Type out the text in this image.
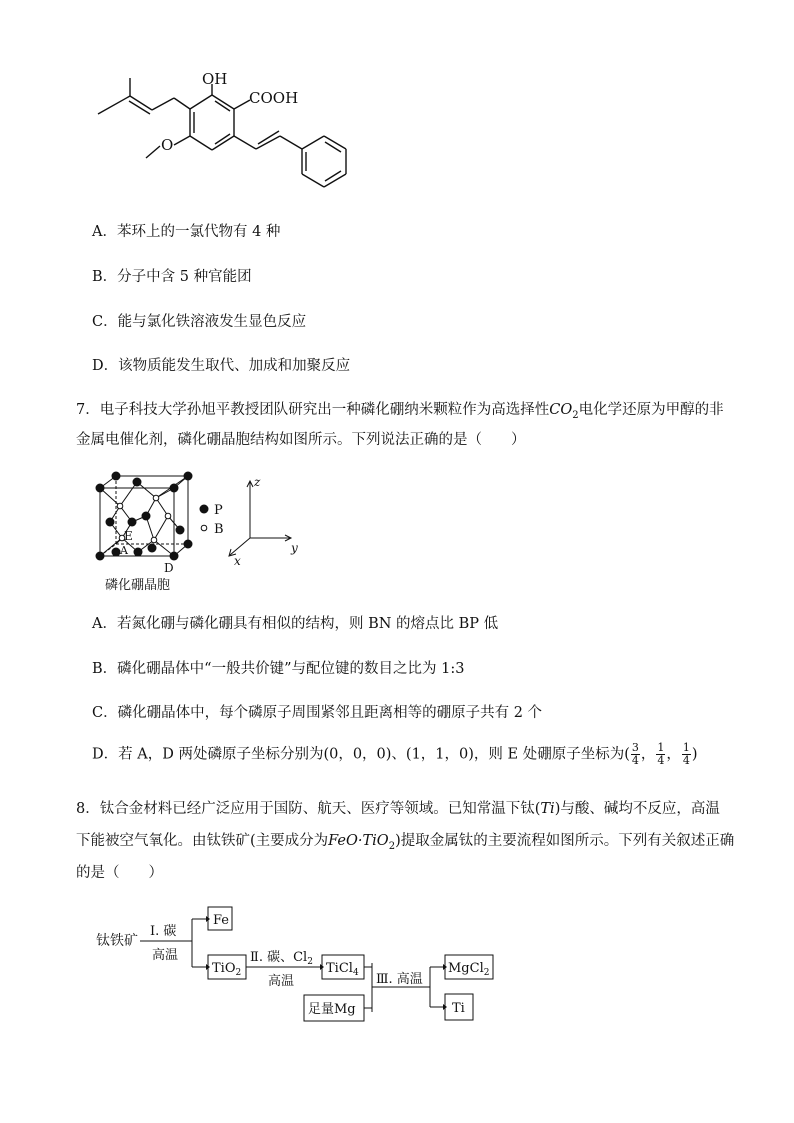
OH
COOH
O
A．苯环上的一氯代物有 4 种
B．分子中含 5 种官能团
C．能与氯化铁溶液发生显色反应
D．该物质能发生取代、加成和加聚反应
7．电子科技大学孙旭平教授团队研究出一种磷化硼纳米颗粒作为高选择性$CO_2$电化学还原为甲醇的非
金属电催化剂，磷化硼晶胞结构如图所示。下列说法正确的是（　　）
E
A
D
P
B
z
y
x
磷化硼晶胞
A．若氮化硼与磷化硼具有相似的结构，则 BN 的熔点比 BP 低
B．磷化硼晶体中“一般共价键”与配位键的数目之比为 1:3
C．磷化硼晶体中，每个磷原子周围紧邻且距离相等的硼原子共有 2 个
D．若 A，D 两处磷原子坐标分别为(0，0，0)、(1，1，0)，则 E 处硼原子坐标为( $\frac{3}{4}$ ， $\frac{1}{4}$ ， $\frac{1}{4}$ )
8．钛合金材料已经广泛应用于国防、航天、医疗等领域。已知常温下钛(Ti)与酸、碱均不反应，高温
下能被空气氧化。由钛铁矿(主要成分为FeO·TiO$_2$)提取金属钛的主要流程如图所示。下列有关叙述正确
的是（　　）
钛铁矿
Ⅰ. 碳
高温
Fe
TiO$_2$
Ⅱ. 碳、$Cl_2$
高温
TiCl$_4$
足量Mg
Ⅲ. 高温
MgCl$_2$
Ti
